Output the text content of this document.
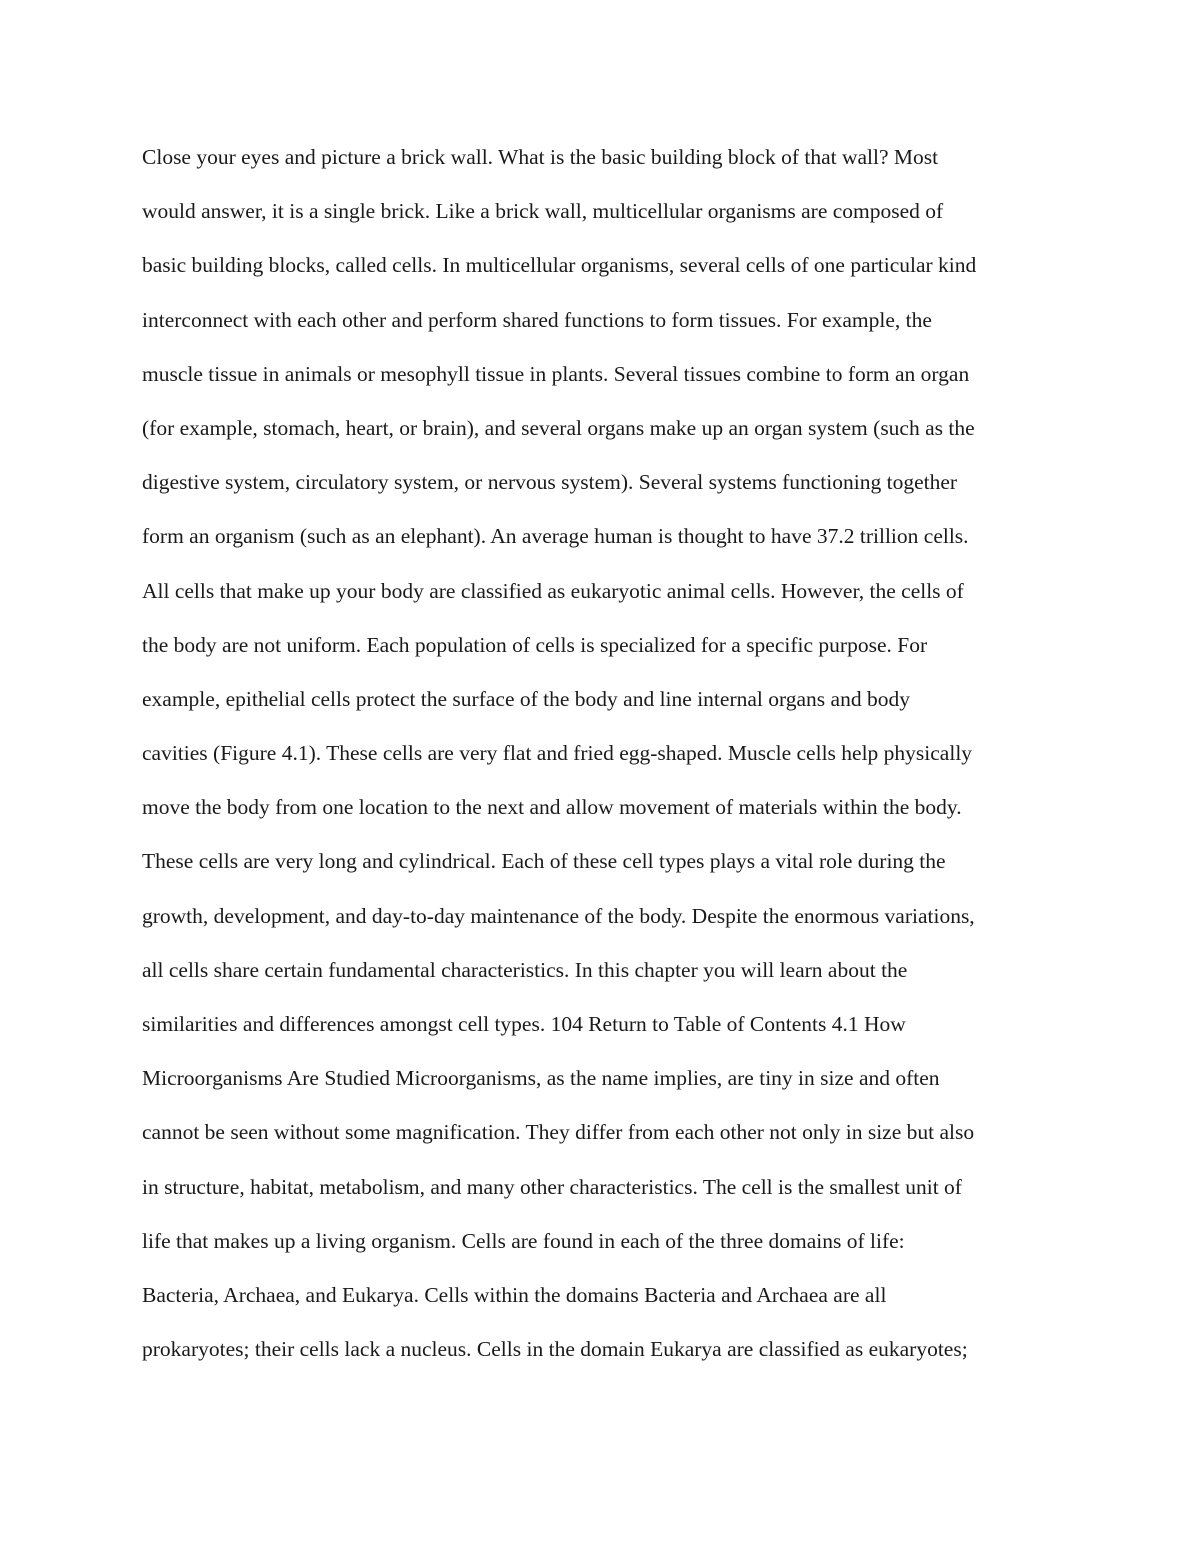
Close your eyes and picture a brick wall. What is the basic building block of that wall? Most
would answer, it is a single brick. Like a brick wall, multicellular organisms are composed of
basic building blocks, called cells. In multicellular organisms, several cells of one particular kind
interconnect with each other and perform shared functions to form tissues. For example, the
muscle tissue in animals or mesophyll tissue in plants. Several tissues combine to form an organ
(for example, stomach, heart, or brain), and several organs make up an organ system (such as the
digestive system, circulatory system, or nervous system). Several systems functioning together
form an organism (such as an elephant). An average human is thought to have 37.2 trillion cells.
All cells that make up your body are classified as eukaryotic animal cells. However, the cells of
the body are not uniform. Each population of cells is specialized for a specific purpose. For
example, epithelial cells protect the surface of the body and line internal organs and body
cavities (Figure 4.1). These cells are very flat and fried egg-shaped. Muscle cells help physically
move the body from one location to the next and allow movement of materials within the body.
These cells are very long and cylindrical. Each of these cell types plays a vital role during the
growth, development, and day-to-day maintenance of the body. Despite the enormous variations,
all cells share certain fundamental characteristics. In this chapter you will learn about the
similarities and differences amongst cell types. 104 Return to Table of Contents 4.1 How
Microorganisms Are Studied Microorganisms, as the name implies, are tiny in size and often
cannot be seen without some magnification. They differ from each other not only in size but also
in structure, habitat, metabolism, and many other characteristics. The cell is the smallest unit of
life that makes up a living organism. Cells are found in each of the three domains of life:
Bacteria, Archaea, and Eukarya. Cells within the domains Bacteria and Archaea are all
prokaryotes; their cells lack a nucleus. Cells in the domain Eukarya are classified as eukaryotes;
